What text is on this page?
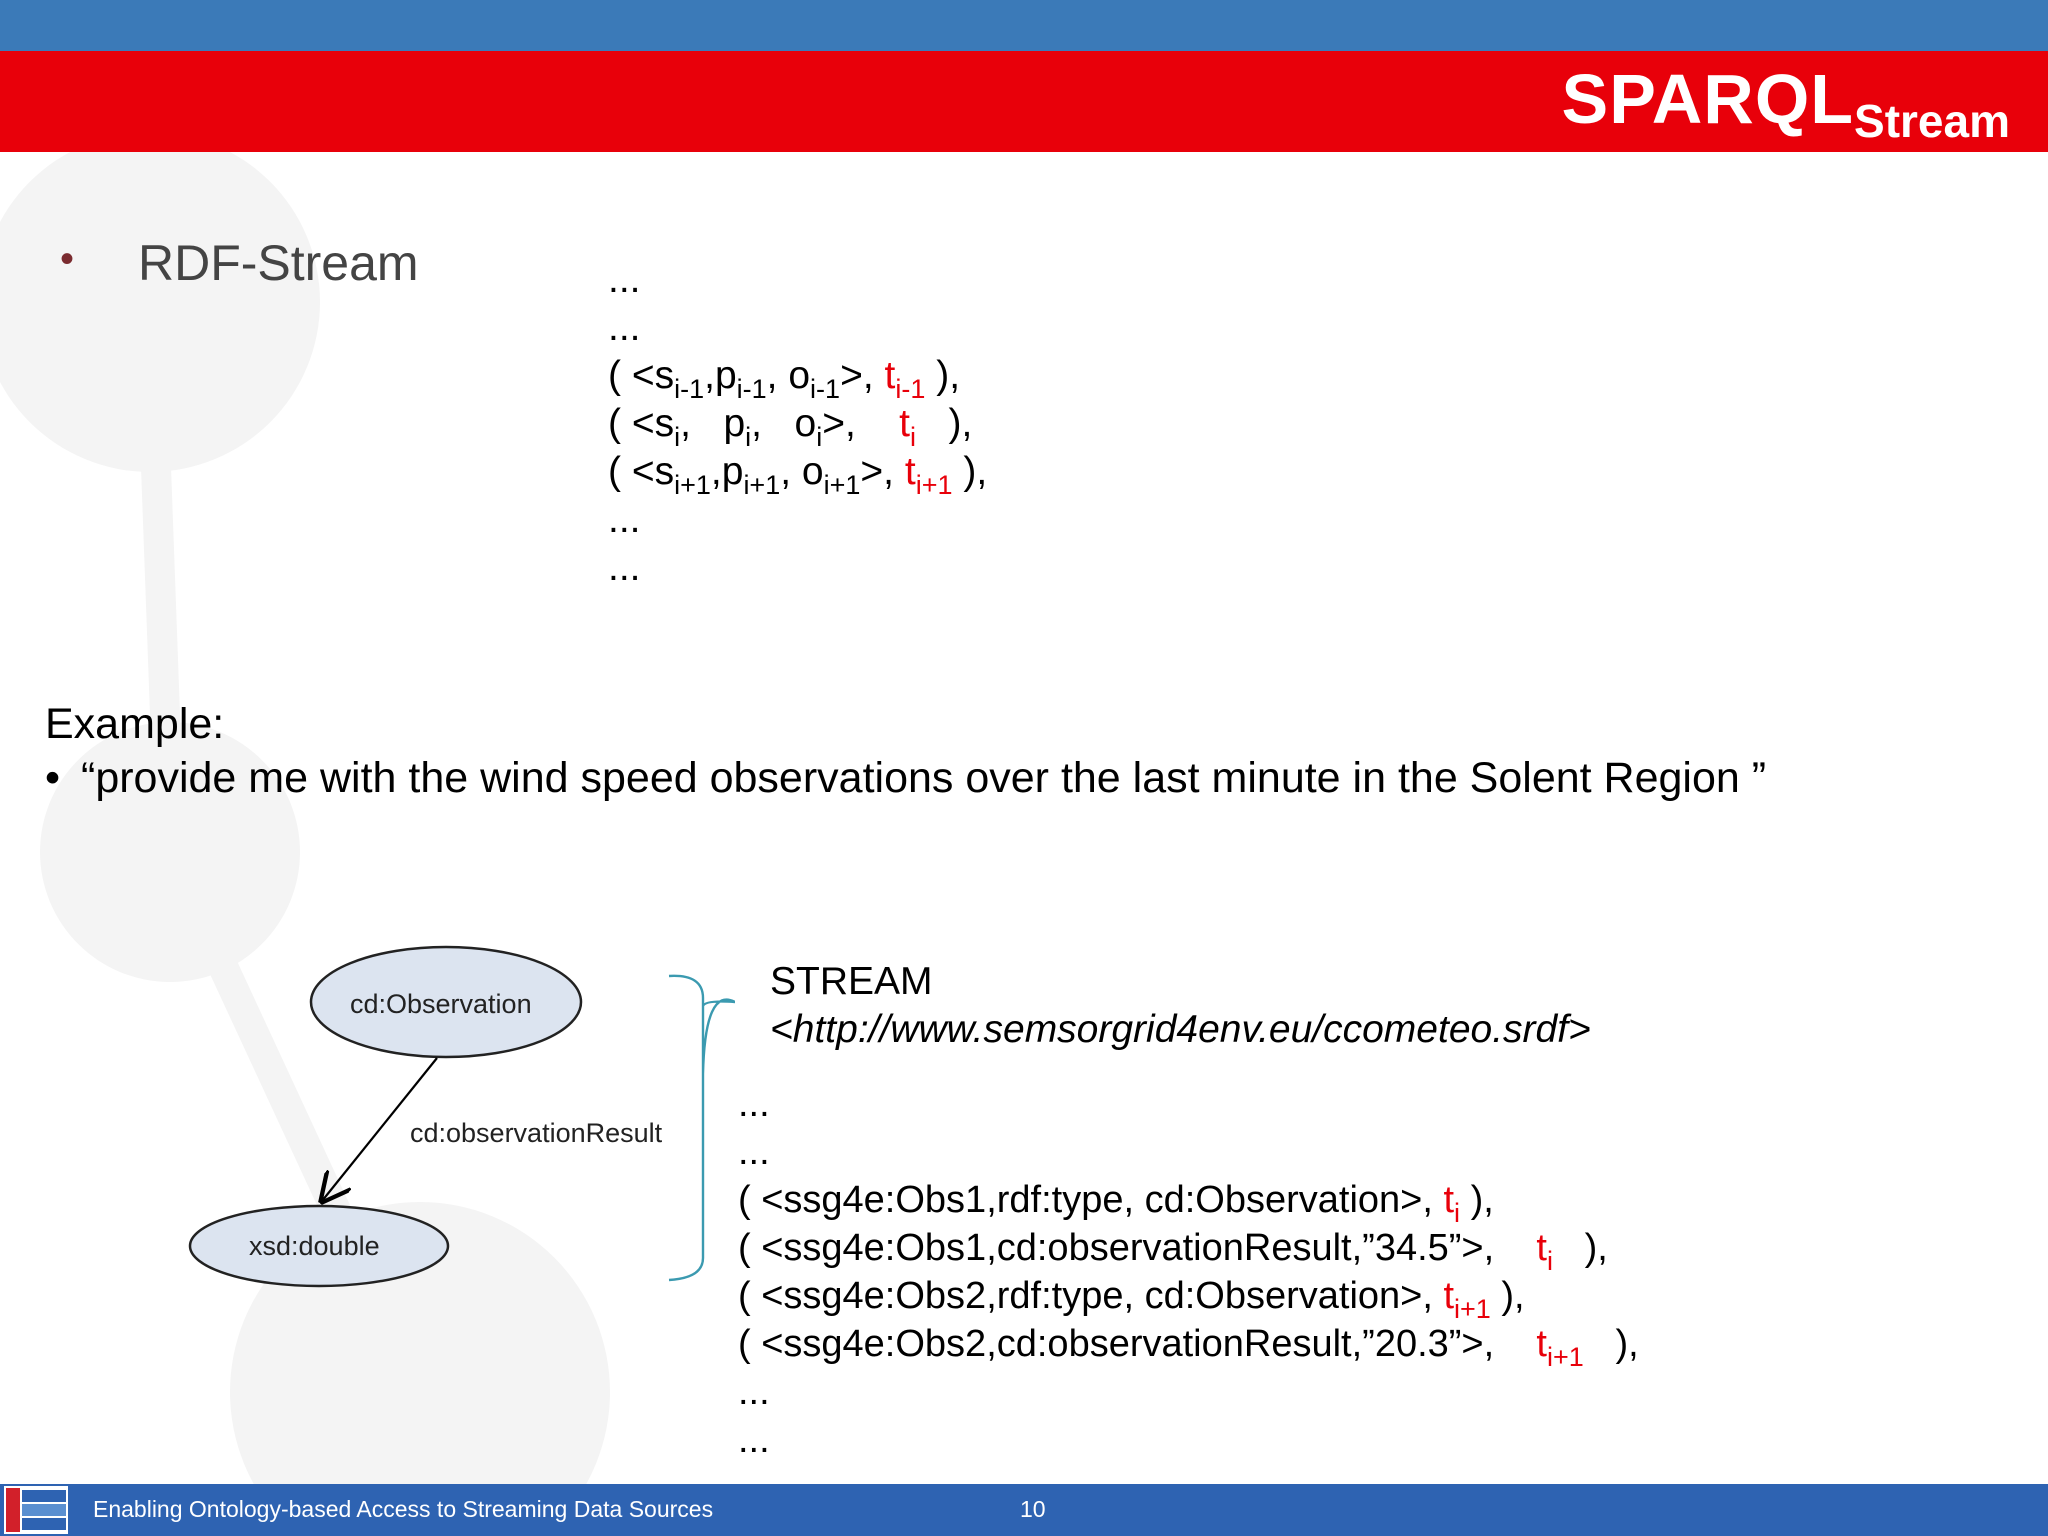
$SPARQL_{Stream}$
• RDF-Stream	...
...
( $<s_{i-1},p_{i-1}$, $o_{i-1}>$, $t_{i-1}$ ),
( $<s_i$,   $p_i$,   $o_i>$,    $t_i$   ),
( $<s_{i+1},p_{i+1}$, $o_{i+1}>$, $t_{i+1}$ ),
...
...
Example:
• “provide me with the wind speed observations over the last minute in the Solent Region ”
cd:Observation
cd:observationResult
xsd:double
STREAM
<http://www.semsorgrid4env.eu/ccometeo.srdf>
...
...
( <ssg4e:Obs1,rdf:type, cd:Observation>, $t_i$ ),
( <ssg4e:Obs1,cd:observationResult,”34.5”>,    $t_i$   ),
( <ssg4e:Obs2,rdf:type, cd:Observation>, $t_{i+1}$ ),
( <ssg4e:Obs2,cd:observationResult,”20.3”>,    $t_{i+1}$   ),
...
...
Enabling Ontology-based Access to Streaming Data Sources	10
